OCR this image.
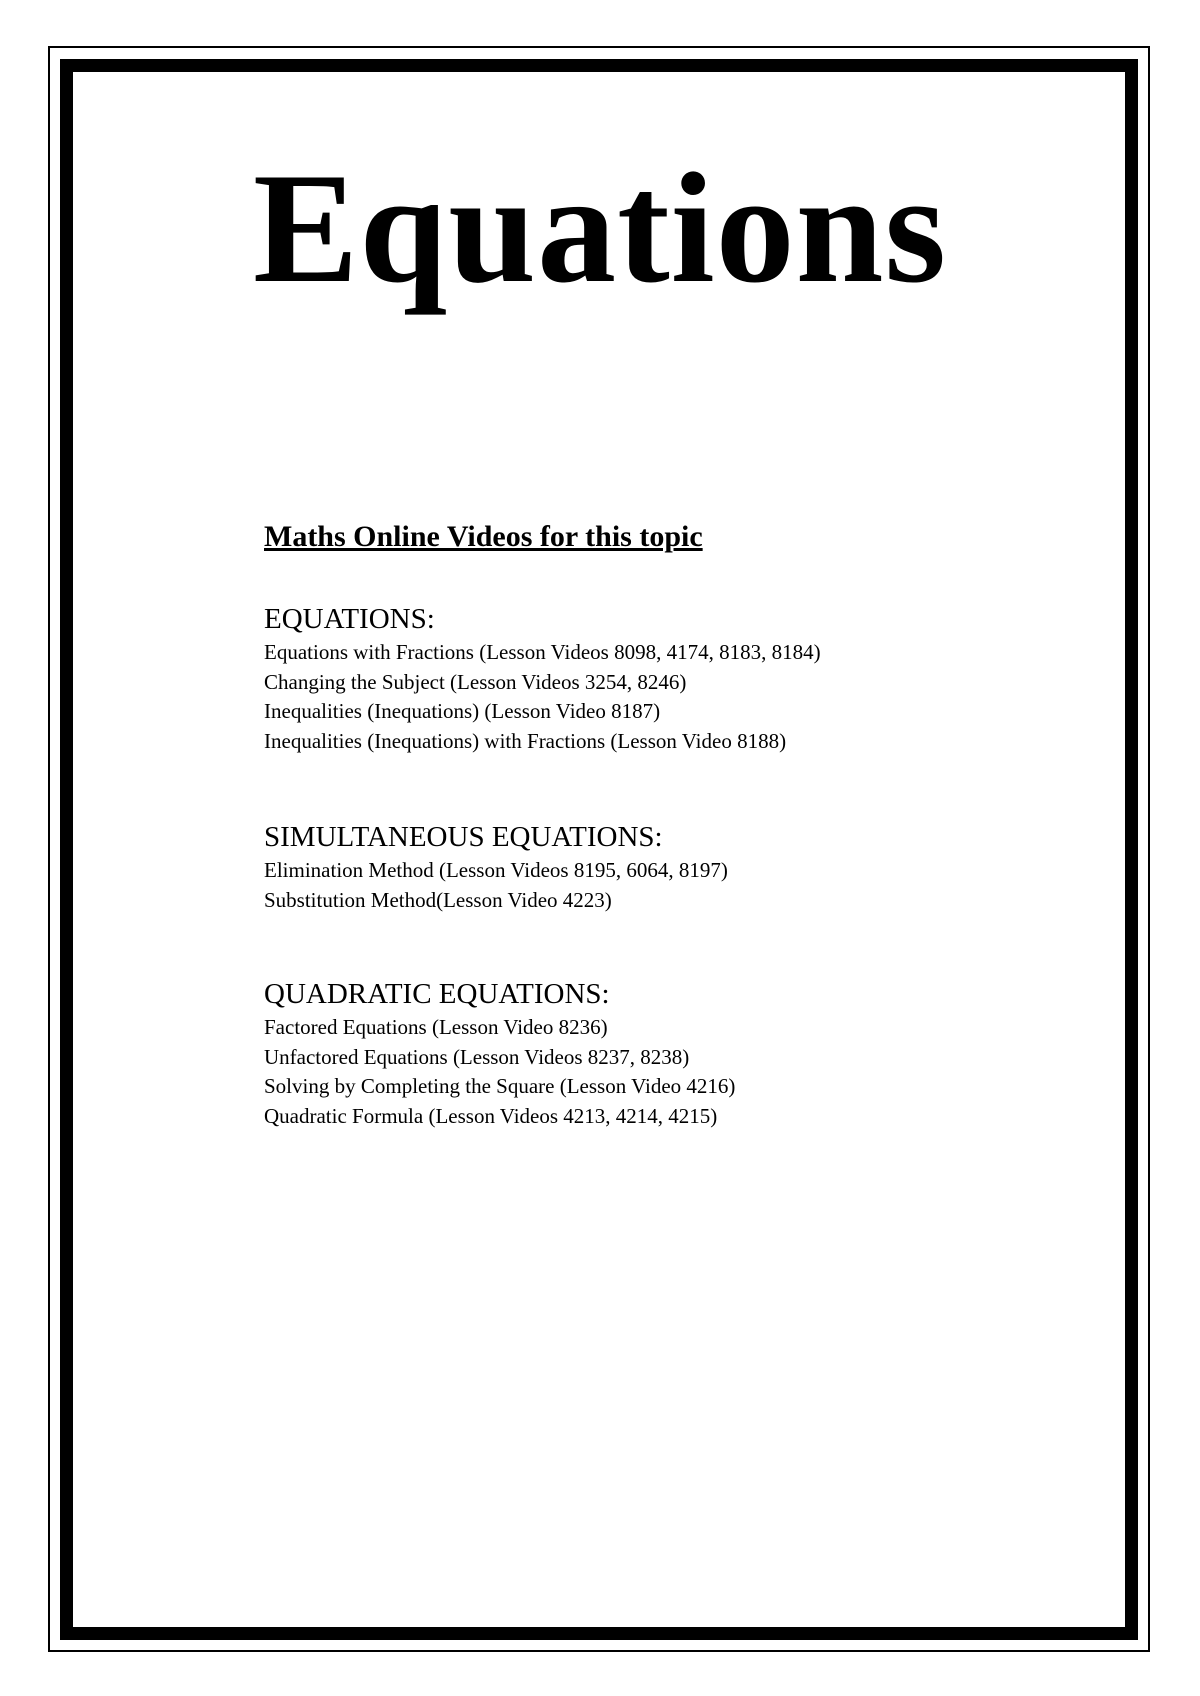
Equations
Maths Online Videos for this topic
EQUATIONS:
Equations with Fractions (Lesson Videos 8098, 4174, 8183, 8184)
Changing the Subject (Lesson Videos 3254, 8246)
Inequalities (Inequations) (Lesson Video 8187)
Inequalities (Inequations) with Fractions (Lesson Video 8188)
SIMULTANEOUS EQUATIONS:
Elimination Method (Lesson Videos 8195, 6064, 8197)
Substitution Method(Lesson Video 4223)
QUADRATIC EQUATIONS:
Factored Equations (Lesson Video 8236)
Unfactored Equations (Lesson Videos 8237, 8238)
Solving by Completing the Square (Lesson Video 4216)
Quadratic Formula (Lesson Videos 4213, 4214, 4215)
